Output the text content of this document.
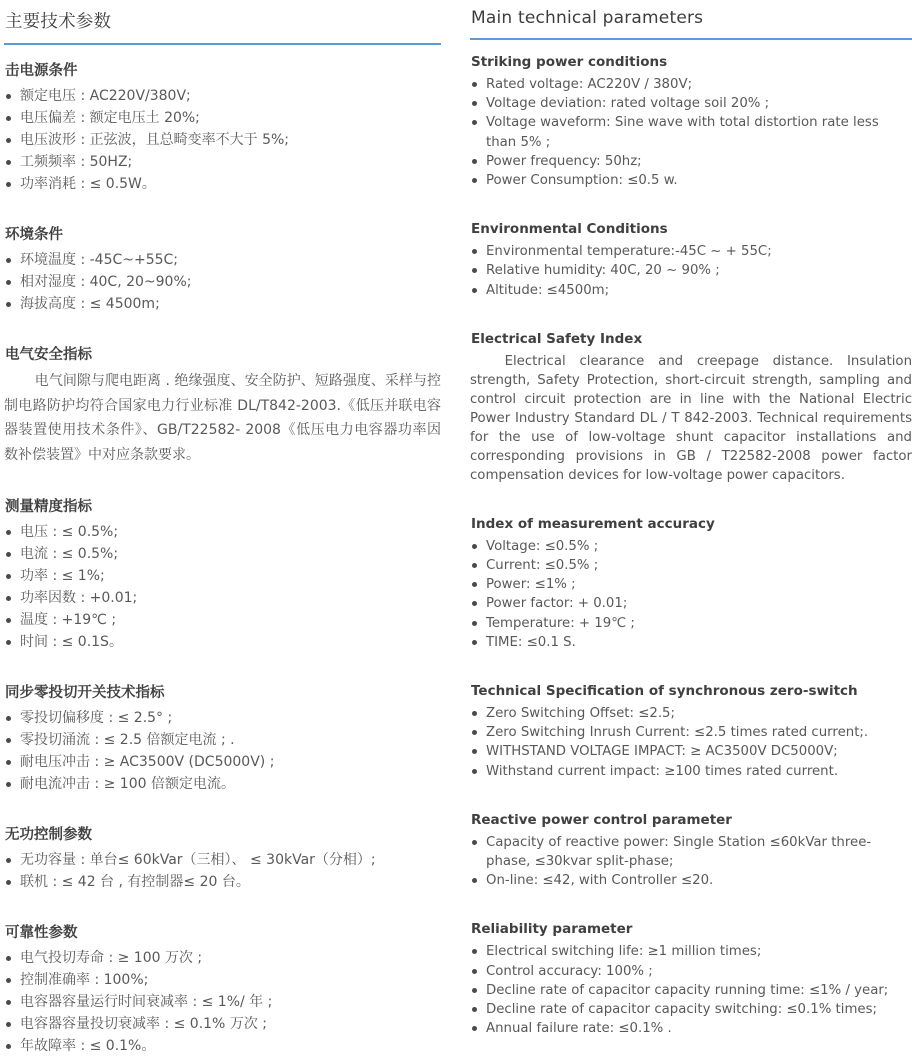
主要技术参数
击电源条件
额定电压 : AC220V/380V;
电压偏差 : 额定电压土 20%;
电压波形 : 正弦波，且总畸变率不大于 5%;
工频频率 : 50HZ;
功率消耗 : ≤ 0.5W。
环境条件
环境温度 : -45C~+55C;
相对湿度 : 40C, 20~90%;
海拔高度 : ≤ 4500m;
电气安全指标

电气间隙与爬电距离 . 绝缘强度、安全防护、短路强度、采样与控制电路防护均符合国家电力行业标准 DL/T842-2003.《低压并联电容器装置使用技术条件》、GB/T22582- 2008《低压电力电容器功率因数补偿装置》中对应条款要求。

测量精度指标
电压 : ≤ 0.5%;
电流 : ≤ 0.5%;
功率 : ≤ 1%;
功率因数 : +0.01;
温度 : +19℃ ;
时间 : ≤ 0.1S。
同步零投切开关技术指标
零投切偏移度 : ≤ 2.5° ;
零投切涌流 : ≤ 2.5 倍额定电流 ; .
耐电压冲击 : ≥ AC3500V (DC5000V) ;
耐电流冲击 : ≥ 100 倍额定电流。
无功控制参数
无功容量 : 单台≤ 60kVar（三相）、 ≤ 30kVar（分相）;
联机 : ≤ 42 台 , 有控制器≤ 20 台。
可靠性参数
电气投切寿命 : ≥ 100 万次 ;
控制准确率 : 100%;
电容器容量运行时间衰减率 : ≤ 1%/ 年 ;
电容器容量投切衰减率 : ≤ 0.1% 万次 ;
年故障率 : ≤ 0.1%。
Main technical parameters
Striking power conditions
Rated voltage: AC220V / 380V;
Voltage deviation: rated voltage soil 20% ;
Voltage waveform: Sine wave with total distortion rate less than 5% ;
Power frequency: 50hz;
Power Consumption: ≤0.5 w.
Environmental Conditions
Environmental temperature:-45C ~ + 55C;
Relative humidity: 40C, 20 ~ 90% ;
Altitude: ≤4500m;
Electrical Safety Index

Electrical clearance and creepage distance. Insulation strength, Safety Protection, short-circuit strength, sampling and control circuit protection are in line with the National Electric Power Industry Standard DL / T 842-2003. Technical requirements for the use of low-voltage shunt capacitor installations and corresponding provisions in GB / T22582-2008 power factor compensation devices for low-voltage power capacitors.

Index of measurement accuracy
Voltage: ≤0.5% ;
Current: ≤0.5% ;
Power: ≤1% ;
Power factor: + 0.01;
Temperature: + 19℃ ;
TIME: ≤0.1 S.
Technical Specification of synchronous zero-switch
Zero Switching Offset: ≤2.5;
Zero Switching Inrush Current: ≤2.5 times rated current;.
WITHSTAND VOLTAGE IMPACT: ≥ AC3500V DC5000V;
Withstand current impact: ≥100 times rated current.
Reactive power control parameter
Capacity of reactive power: Single Station ≤60kVar three-phase, ≤30kvar split-phase;
On-line: ≤42, with Controller ≤20.
Reliability parameter
Electrical switching life: ≥1 million times;
Control accuracy: 100% ;
Decline rate of capacitor capacity running time: ≤1% / year;
Decline rate of capacitor capacity switching: ≤0.1% times;
Annual failure rate: ≤0.1% .
